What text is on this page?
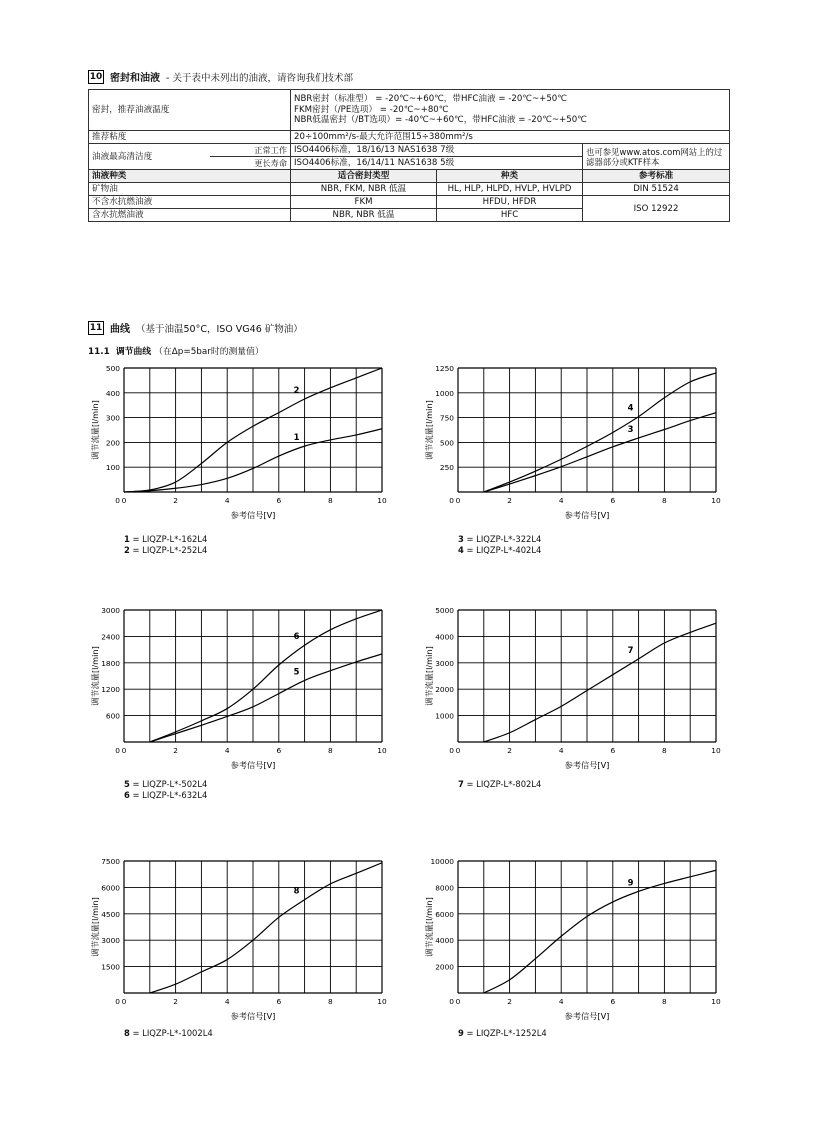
10 密封和油液 - 关于表中未列出的油液，请咨询我们技术部
密封，推荐油液温度		NBR密封（标准型） = -20℃~+60℃，带HFC油液 = -20℃~+50℃
FKM密封（/PE选项） = -20℃~+80℃
NBR低温密封（/BT选项）= -40℃~+60℃，带HFC油液 = -20℃~+50℃		

推荐粘度		20÷100mm²/s-最大允许范围15÷380mm²/s		
油液最高清洁度	正常工作	ISO4406标准，18/16/13 NAS1638 7级		也可参见www.atos.com网站上的过滤器部分或KTF样本
	更长寿命	ISO4406标准，16/14/11 NAS1638 5级		
油液种类		适合密封类型	种类	参考标准
矿物油		NBR, FKM, NBR 低温	HL, HLP, HLPD, HVLP, HVLPD	DIN 51524
不含水抗燃油液		FKM	HFDU, HFDR	ISO 12922
含水抗燃油液		NBR, NBR 低温	HFC	
11 曲线 （基于油温50°C，ISO VG46 矿物油）
11.1 调节曲线 （在Δp=5bar时的测量值）
100
200
300
400
500
0	2	4	6	8	10
0
参考信号[V]
调节流量[l/min]	1
2
250
500
750
1000
1250
0	2	4	6	8	10
0
参考信号[V]
调节流量[l/min]	3
4
600
1200
1800
2400
3000
0	2	4	6	8	10
0
参考信号[V]
调节流量[l/min]	5
6
1000
2000
3000
4000
5000
0	2	4	6	8	10
0
参考信号[V]
调节流量[l/min]	7
1500
3000
4500
6000
7500
0	2	4	6	8	10
0
参考信号[V]
调节流量[l/min]
8
2000
4000
6000
8000
10000
0	2	4	6	8	10
0
参考信号[V]
调节流量[l/min]
9
1 = LIQZP-L*-162L4
2 = LIQZP-L*-252L4
3 = LIQZP-L*-322L4
4 = LIQZP-L*-402L4
5 = LIQZP-L*-502L4
6 = LIQZP-L*-632L4
7 = LIQZP-L*-802L4
8 = LIQZP-L*-1002L4	9 = LIQZP-L*-1252L4
